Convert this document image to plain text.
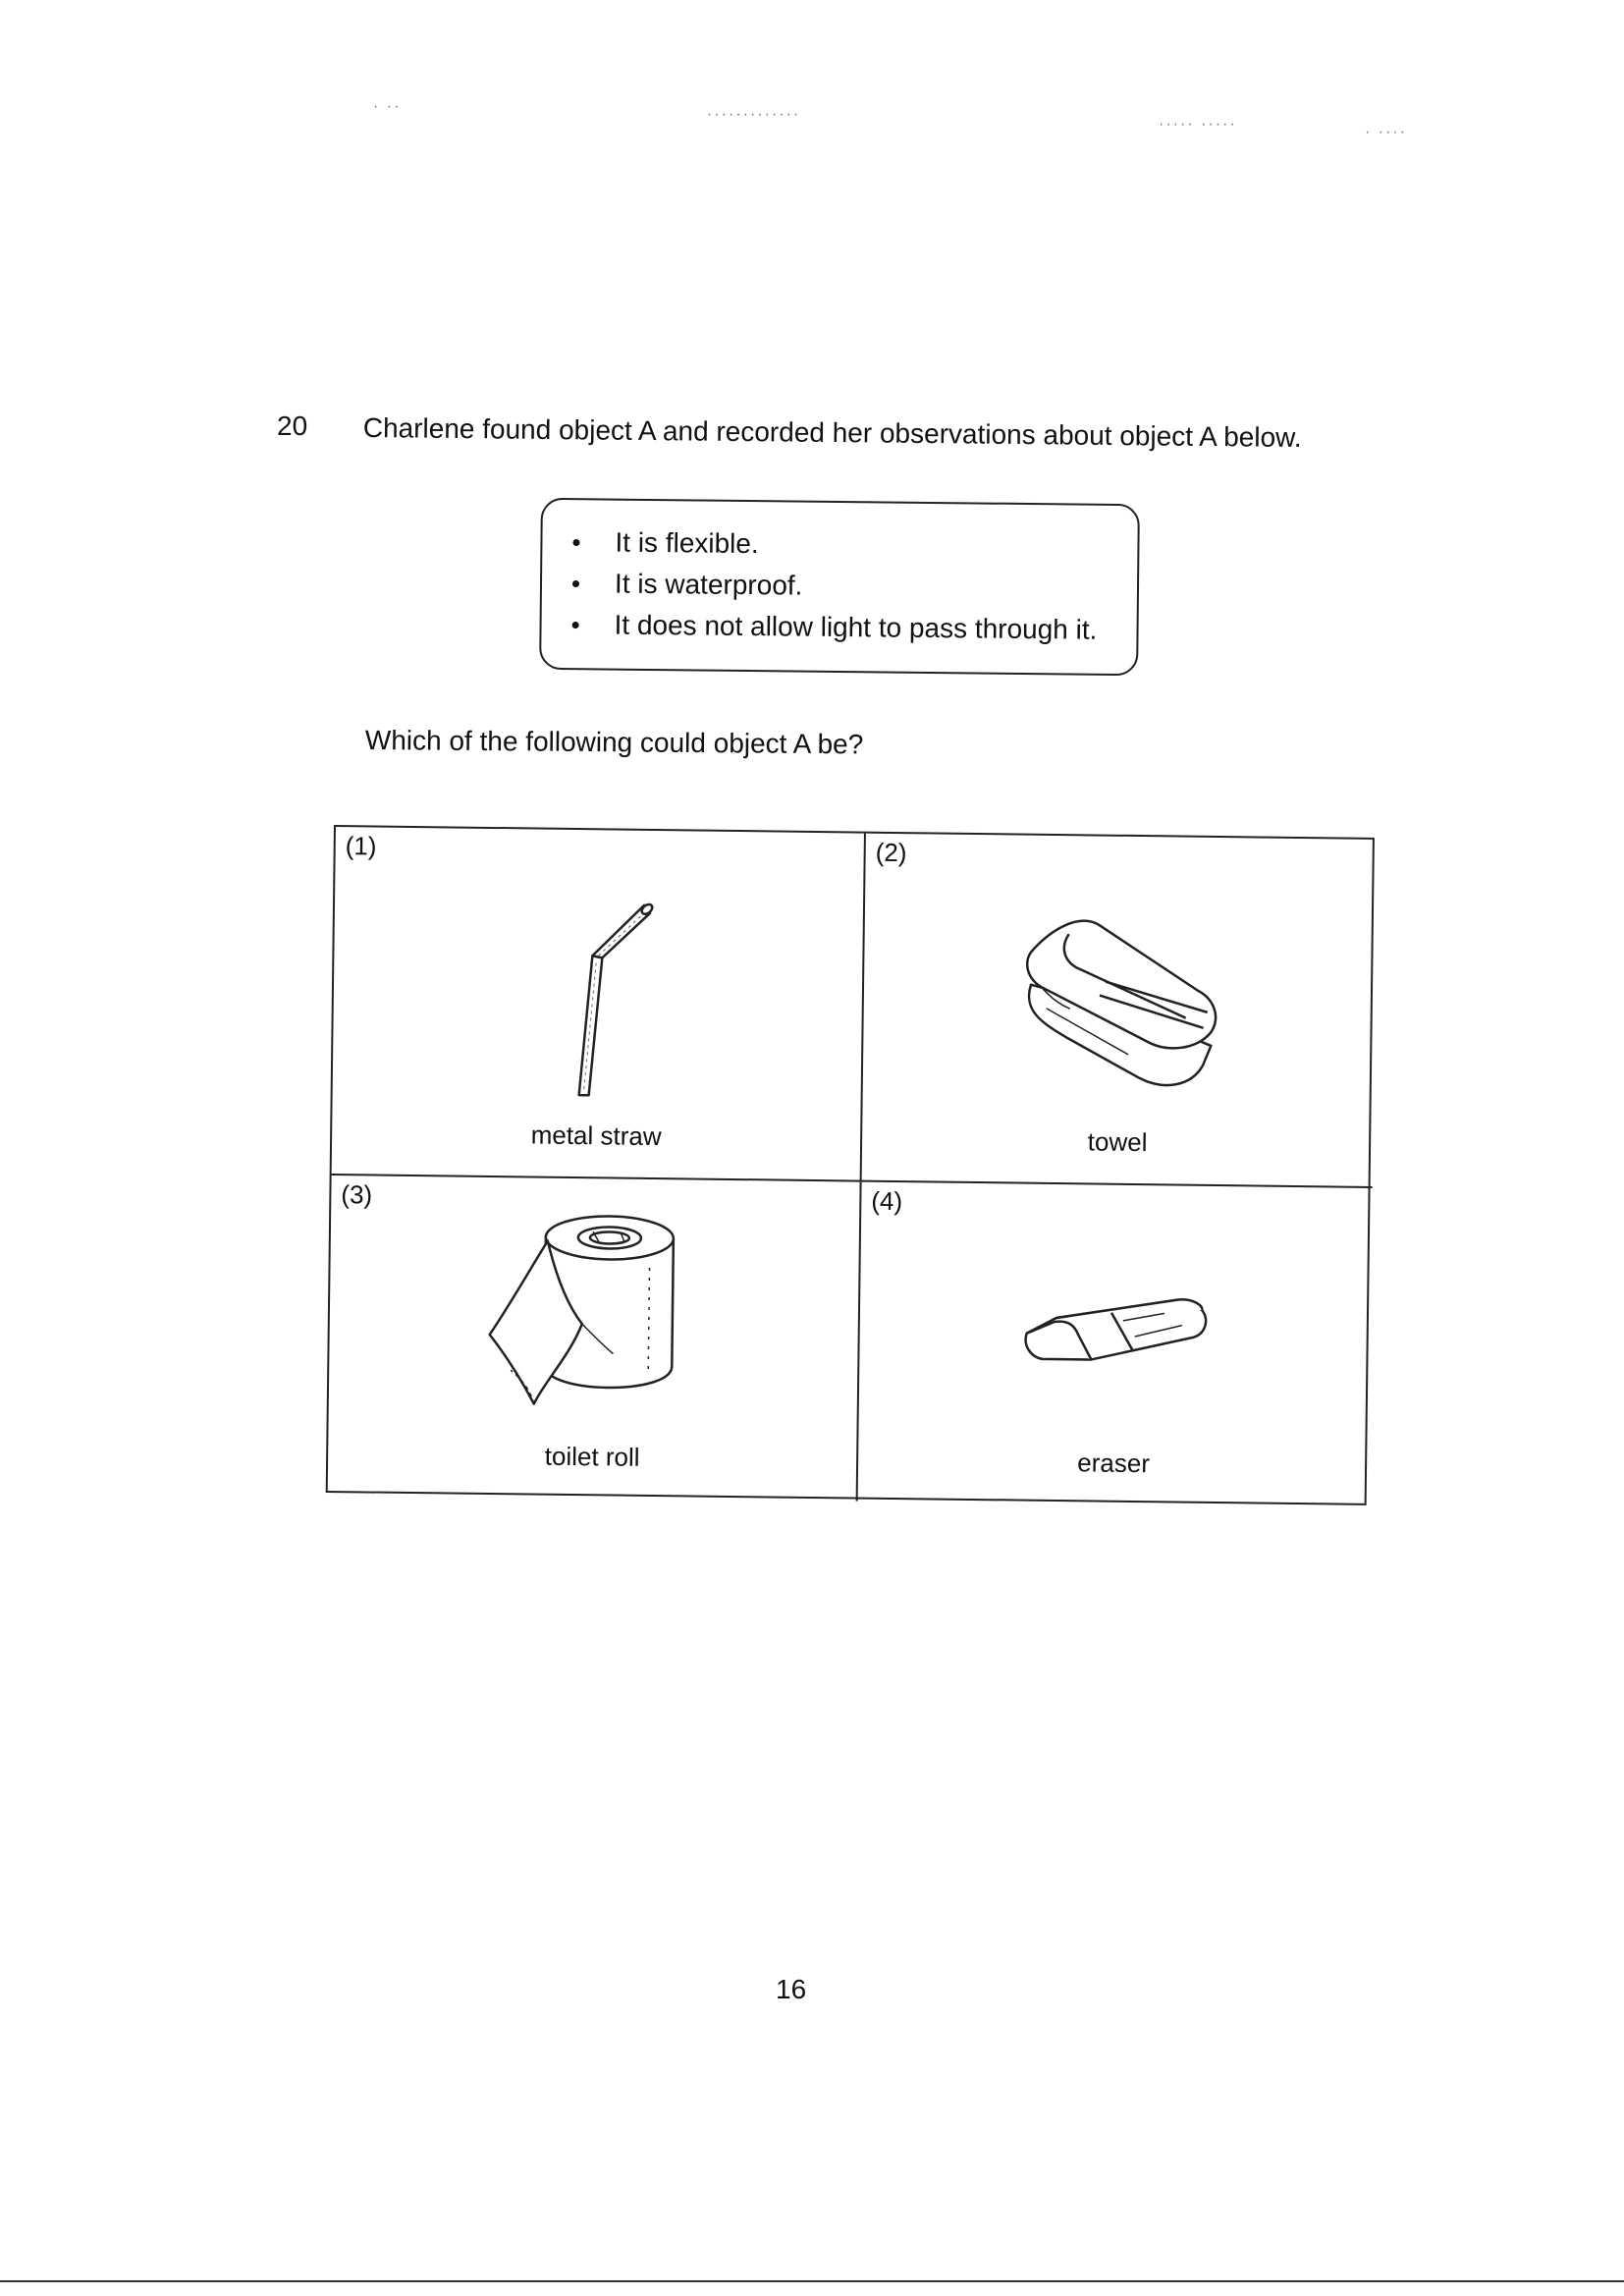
· ··	·············
····· ·····	· ····
20 Charlene found object A and recorded her observations about object A below.
• It is flexible.
• It is waterproof.
• It does not allow light to pass through it.
Which of the following could object A be?
(1)
metal straw
(2)
towel
(3)
toilet roll
(4)
eraser
16
